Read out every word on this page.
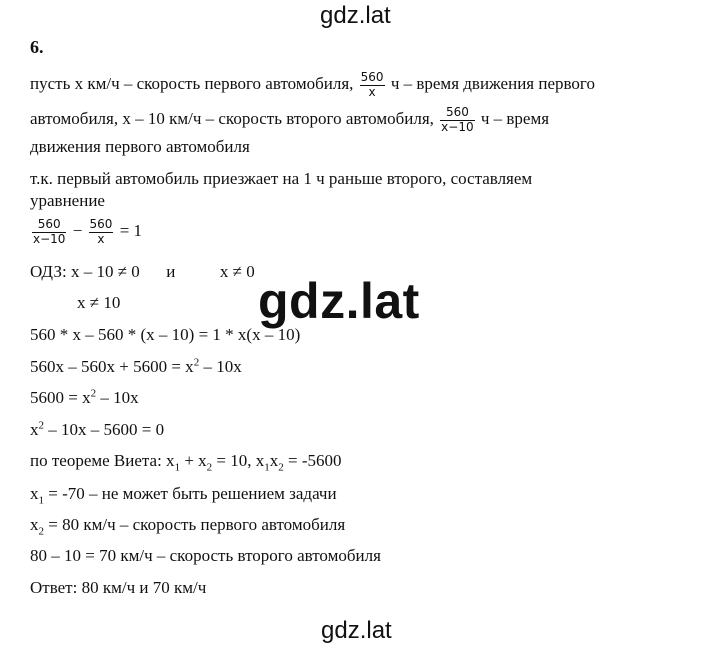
gdz.lat
gdz.lat
gdz.lat
6.
пусть х км/ч – скорость первого автомобиля, $\frac{560}{x}$ ч – время движения первого
автомобиля, х – 10 км/ч – скорость второго автомобиля, $\frac{560}{x-10}$ ч – время
движения первого автомобиля
т.к. первый автомобиль приезжает на 1 ч раньше второго, составляем
уравнение
$\frac{560}{x-10} - \frac{560}{x} = 1$
ОДЗ: х – 10 ≠ 0 и	х ≠ 0
х ≠ 10
560 * х – 560 * (х – 10) = 1 * х(х – 10)
$560х - 560х + 5600 = х^2 - 10х$
$5600 = х^2 - 10х$
$х^2 - 10х - 5600 = 0$
по теореме Виета: $х_1 + х_2 = 10$, $х_1х_2 = -5600$
$х_1 = -70$ – не может быть решением задачи
$х_2 = 80$ км/ч – скорость первого автомобиля
80 – 10 = 70 км/ч – скорость второго автомобиля
Ответ: 80 км/ч и 70 км/ч
